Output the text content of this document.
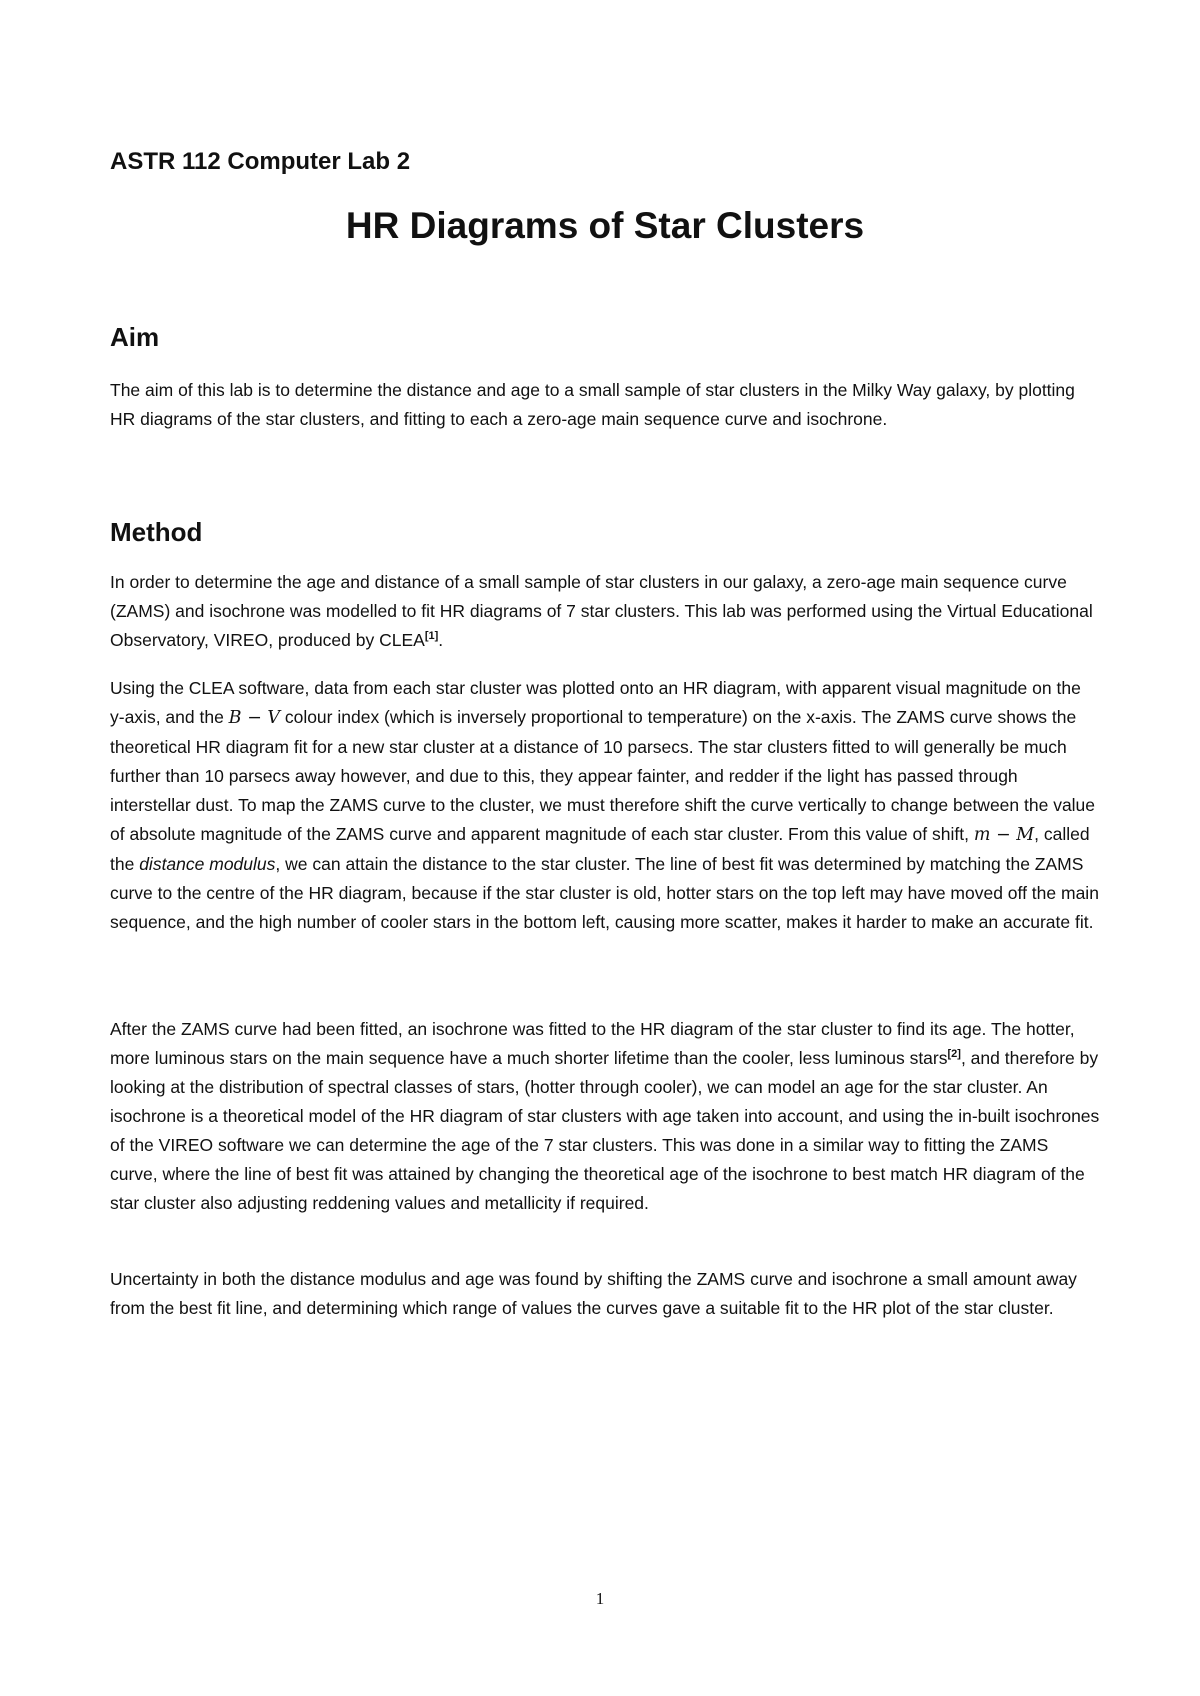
ASTR 112 Computer Lab 2
HR Diagrams of Star Clusters
Aim

The aim of this lab is to determine the distance and age to a small sample of star clusters in the Milky Way galaxy, by plotting HR diagrams of the star clusters, and fitting to each a zero-age main sequence curve and isochrone.

Method

In order to determine the age and distance of a small sample of star clusters in our galaxy, a zero-age main sequence curve (ZAMS) and isochrone was modelled to fit HR diagrams of 7 star clusters. This lab was performed using the Virtual Educational Observatory, VIREO, produced by CLEA[1].

Using the CLEA software, data from each star cluster was plotted onto an HR diagram, with apparent visual magnitude on the y-axis, and the B − V colour index (which is inversely proportional to temperature) on the x-axis. The ZAMS curve shows the theoretical HR diagram fit for a new star cluster at a distance of 10 parsecs. The star clusters fitted to will generally be much further than 10 parsecs away however, and due to this, they appear fainter, and redder if the light has passed through interstellar dust. To map the ZAMS curve to the cluster, we must therefore shift the curve vertically to change between the value of absolute magnitude of the ZAMS curve and apparent magnitude of each star cluster. From this value of shift, m − M, called the distance modulus, we can attain the distance to the star cluster. The line of best fit was determined by matching the ZAMS curve to the centre of the HR diagram, because if the star cluster is old, hotter stars on the top left may have moved off the main sequence, and the high number of cooler stars in the bottom left, causing more scatter, makes it harder to make an accurate fit.

After the ZAMS curve had been fitted, an isochrone was fitted to the HR diagram of the star cluster to find its age. The hotter, more luminous stars on the main sequence have a much shorter lifetime than the cooler, less luminous stars[2], and therefore by looking at the distribution of spectral classes of stars, (hotter through cooler), we can model an age for the star cluster. An isochrone is a theoretical model of the HR diagram of star clusters with age taken into account, and using the in-built isochrones of the VIREO software we can determine the age of the 7 star clusters. This was done in a similar way to fitting the ZAMS curve, where the line of best fit was attained by changing the theoretical age of the isochrone to best match HR diagram of the star cluster also adjusting reddening values and metallicity if required.

Uncertainty in both the distance modulus and age was found by shifting the ZAMS curve and isochrone a small amount away from the best fit line, and determining which range of values the curves gave a suitable fit to the HR plot of the star cluster.

1
